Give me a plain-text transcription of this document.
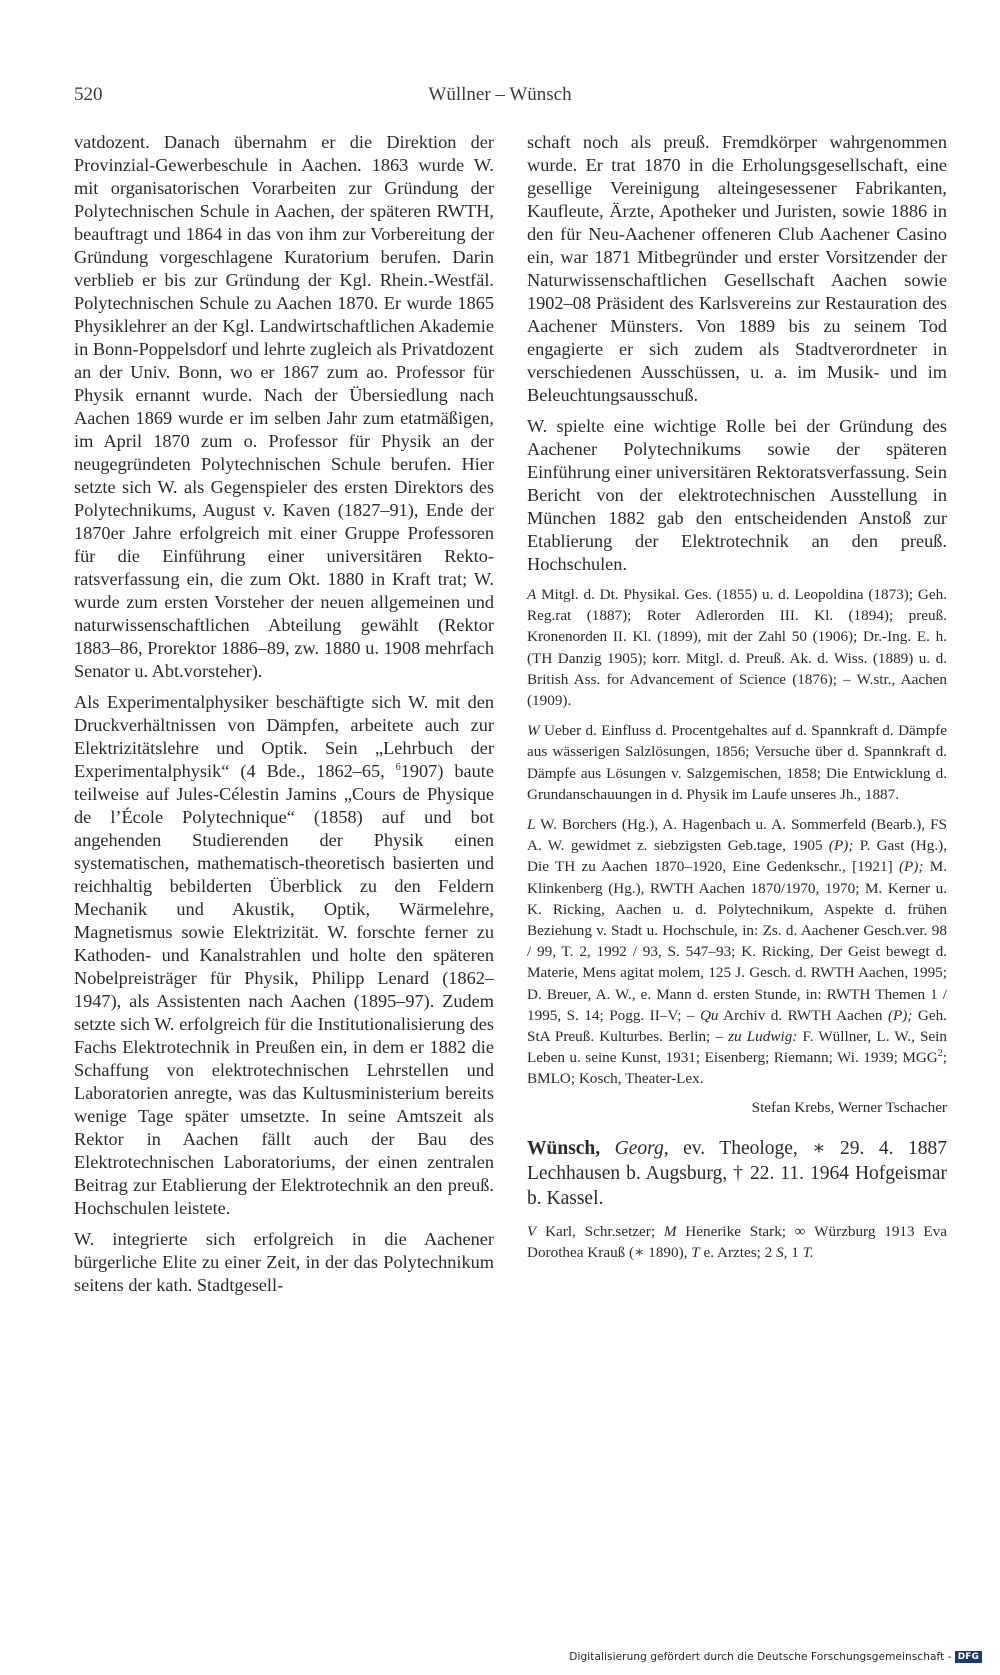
520	Wüllner – Wünsch

vatdozent. Danach übernahm er die Direktion der Provinzial-Gewerbeschule in Aachen. 1863 wurde W. mit organisatorischen Vorarbeiten zur Gründung der Polytechnischen Schule in Aachen, der späteren RWTH, beauftragt und 1864 in das von ihm zur Vorbereitung der Gründung vorgeschlagene Kuratorium berufen. Darin verblieb er bis zur Gründung der Kgl. Rhein.-Westfäl. Polytechnischen Schule zu Aachen 1870. Er wurde 1865 Physiklehrer an der Kgl. Landwirtschaftlichen Akademie in Bonn-Poppelsdorf und lehrte zugleich als Privatdozent an der Univ. Bonn, wo er 1867 zum ao. Professor für Physik ernannt wurde. Nach der Übersiedlung nach Aachen 1869 wurde er im selben Jahr zum etatmäßigen, im April 1870 zum o. Professor für Physik an der neugegründeten Polytechnischen Schule berufen. Hier setzte sich W. als Gegenspieler des ersten Direktors des Polytechnikums, August v. Kaven (1827–91), Ende der 1870er Jahre erfolgreich mit einer Gruppe Professoren für die Einführung einer universitären Rektoratsverfassung ein, die zum Okt. 1880 in Kraft trat; W. wurde zum ersten Vorsteher der neuen allgemeinen und naturwissenschaftlichen Abteilung gewählt (Rektor 1883–86, Prorektor 1886–89, zw. 1880 u. 1908 mehrfach Senator u. Abt.vorsteher).

Als Experimentalphysiker beschäftigte sich W. mit den Druckverhältnissen von Dämpfen, arbeitete auch zur Elektrizitätslehre und Optik. Sein „Lehrbuch der Experimentalphysik“ (4 Bde., 1862–65, $^6$1907) baute teilweise auf Jules-Célestin Jamins „Cours de Physique de l’École Polytechnique“ (1858) auf und bot angehenden Studierenden der Physik einen systematischen, mathematisch-theoretisch basierten und reichhaltig bebilderten Überblick zu den Feldern Mechanik und Akustik, Optik, Wärmelehre, Magnetismus sowie Elektrizität. W. forschte ferner zu Kathoden- und Kanalstrahlen und holte den späteren Nobelpreisträger für Physik, Philipp Lenard (1862–1947), als Assistenten nach Aachen (1895–97). Zudem setzte sich W. erfolgreich für die Institutionalisierung des Fachs Elektrotechnik in Preußen ein, in dem er 1882 die Schaffung von elektrotechnischen Lehrstellen und Laboratorien anregte, was das Kultusministerium bereits wenige Tage später umsetzte. In seine Amtszeit als Rektor in Aachen fällt auch der Bau des Elektrotechnischen Laboratoriums, der einen zentralen Beitrag zur Etablierung der Elektrotechnik an den preuß. Hochschulen leistete.

W. integrierte sich erfolgreich in die Aachener bürgerliche Elite zu einer Zeit, in der das Polytechnikum seitens der kath. Stadtgesell-

schaft noch als preuß. Fremdkörper wahrgenommen wurde. Er trat 1870 in die Erholungsgesellschaft, eine gesellige Vereinigung alteingesessener Fabrikanten, Kaufleute, Ärzte, Apotheker und Juristen, sowie 1886 in den für Neu-Aachener offeneren Club Aachener Casino ein, war 1871 Mitbegründer und erster Vorsitzender der Naturwissenschaftlichen Gesellschaft Aachen sowie 1902–08 Präsident des Karlsvereins zur Restauration des Aachener Münsters. Von 1889 bis zu seinem Tod engagierte er sich zudem als Stadtverordneter in verschiedenen Ausschüssen, u. a. im Musik- und im Beleuchtungsausschuß.

W. spielte eine wichtige Rolle bei der Gründung des Aachener Polytechnikums sowie der späteren Einführung einer universitären Rektoratsverfassung. Sein Bericht von der elektrotechnischen Ausstellung in München 1882 gab den entscheidenden Anstoß zur Etablierung der Elektrotechnik an den preuß. Hochschulen.

A Mitgl. d. Dt. Physikal. Ges. (1855) u. d. Leopoldina (1873); Geh. Reg.rat (1887); Roter Adlerorden III. Kl. (1894); preuß. Kronenorden II. Kl. (1899), mit der Zahl 50 (1906); Dr.-Ing. E. h. (TH Danzig 1905); korr. Mitgl. d. Preuß. Ak. d. Wiss. (1889) u. d. British Ass. for Advancement of Science (1876); – W.str., Aachen (1909).

W Ueber d. Einfluss d. Procentgehaltes auf d. Spannkraft d. Dämpfe aus wässerigen Salzlösungen, 1856; Versuche über d. Spannkraft d. Dämpfe aus Lösungen v. Salzgemischen, 1858; Die Entwicklung d. Grundanschauungen in d. Physik im Laufe unseres Jh., 1887.

L W. Borchers (Hg.), A. Hagenbach u. A. Sommerfeld (Bearb.), FS A. W. gewidmet z. siebzigsten Geb.tage, 1905 (P); P. Gast (Hg.), Die TH zu Aachen 1870–1920, Eine Gedenkschr., [1921] (P); M. Klinkenberg (Hg.), RWTH Aachen 1870/1970, 1970; M. Kerner u. K. Ricking, Aachen u. d. Polytechnikum, Aspekte d. frühen Beziehung v. Stadt u. Hochschule, in: Zs. d. Aachener Gesch.ver. 98 / 99, T. 2, 1992 / 93, S. 547–93; K. Ricking, Der Geist bewegt d. Materie, Mens agitat molem, 125 J. Gesch. d. RWTH Aachen, 1995; D. Breuer, A. W., e. Mann d. ersten Stunde, in: RWTH Themen 1 / 1995, S. 14; Pogg. II–V; – Qu Archiv d. RWTH Aachen (P); Geh. StA Preuß. Kulturbes. Berlin; – zu Ludwig: F. Wüllner, L. W., Sein Leben u. seine Kunst, 1931; Eisenberg; Riemann; Wi. 1939; MGG$^2$; BMLO; Kosch, Theater-Lex.

Stefan Krebs, Werner Tschacher

Wünsch, Georg, ev. Theologe, ∗ 29. 4. 1887 Lechhausen b. Augsburg, † 22. 11. 1964 Hofgeismar b. Kassel.

V Karl, Schr.setzer; M Henerike Stark; ∞ Würzburg 1913 Eva Dorothea Krauß (∗ 1890), T e. Arztes; 2 S, 1 T.

Digitalisierung gefördert durch die Deutsche Forschungsgemeinschaft - DFG
